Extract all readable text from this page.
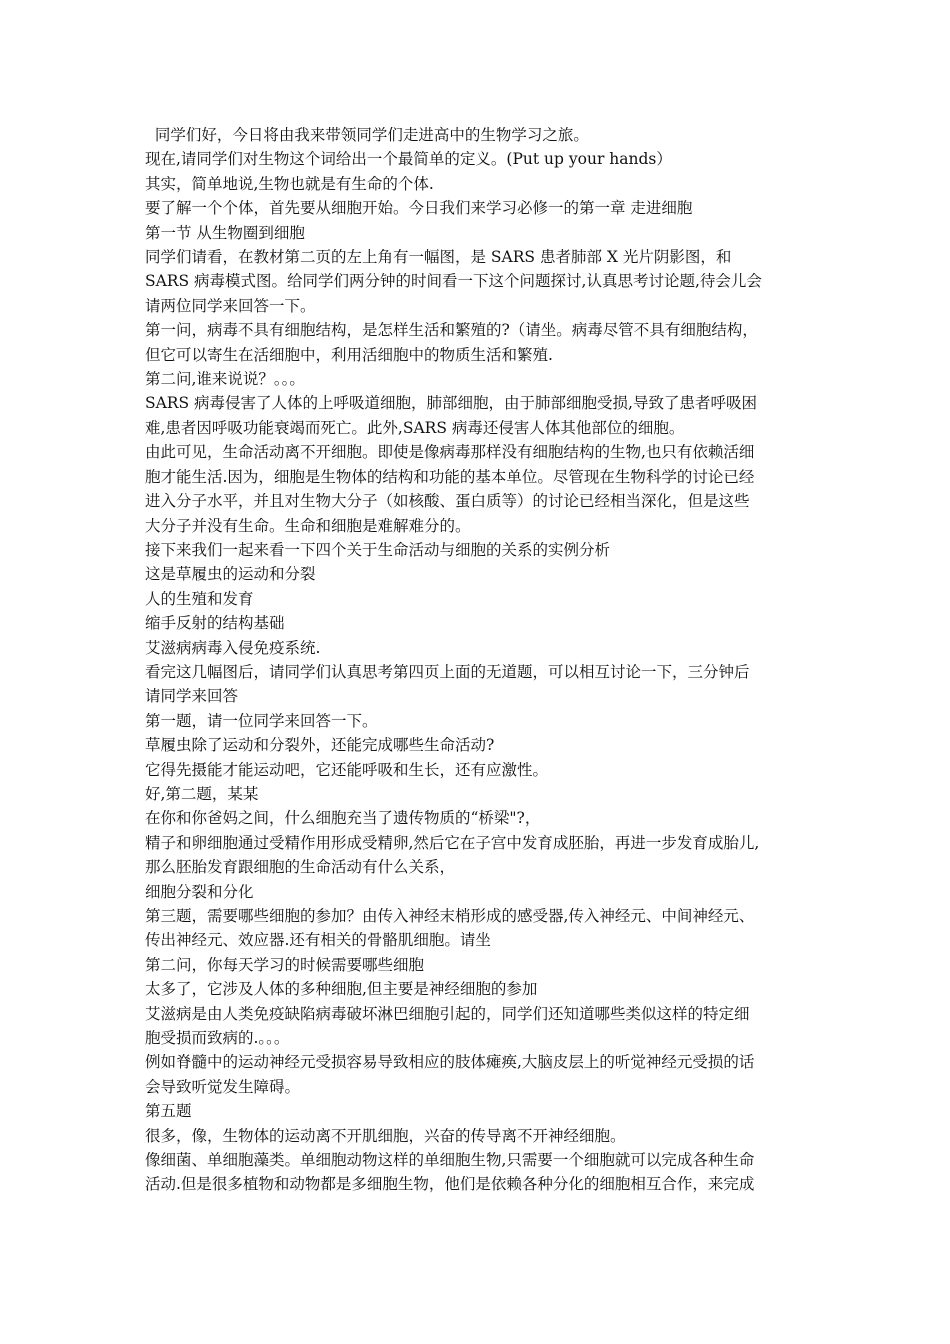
同学们好，今日将由我来带领同学们走进高中的生物学习之旅。

现在,请同学们对生物这个词给出一个最简单的定义。(Put up your hands）

其实，简单地说,生物也就是有生命的个体.

要了解一个个体，首先要从细胞开始。今日我们来学习必修一的第一章 走进细胞

第一节 从生物圈到细胞

同学们请看，在教材第二页的左上角有一幅图，是 SARS 患者肺部 X 光片阴影图，和

SARS 病毒模式图。给同学们两分钟的时间看一下这个问题探讨,认真思考讨论题,待会儿会

请两位同学来回答一下。

第一问，病毒不具有细胞结构，是怎样生活和繁殖的?（请坐。病毒尽管不具有细胞结构，

但它可以寄生在活细胞中，利用活细胞中的物质生活和繁殖.

第二问,谁来说说？。。。

SARS 病毒侵害了人体的上呼吸道细胞，肺部细胞，由于肺部细胞受损,导致了患者呼吸困

难,患者因呼吸功能衰竭而死亡。此外,SARS 病毒还侵害人体其他部位的细胞。

由此可见，生命活动离不开细胞。即使是像病毒那样没有细胞结构的生物,也只有依赖活细

胞才能生活.因为，细胞是生物体的结构和功能的基本单位。尽管现在生物科学的讨论已经

进入分子水平，并且对生物大分子（如核酸、蛋白质等）的讨论已经相当深化，但是这些

大分子并没有生命。生命和细胞是难解难分的。

接下来我们一起来看一下四个关于生命活动与细胞的关系的实例分析

这是草履虫的运动和分裂

人的生殖和发育

缩手反射的结构基础

艾滋病病毒入侵免疫系统.

看完这几幅图后，请同学们认真思考第四页上面的无道题，可以相互讨论一下，三分钟后

请同学来回答

第一题，请一位同学来回答一下。

草履虫除了运动和分裂外，还能完成哪些生命活动?

它得先摄能才能运动吧，它还能呼吸和生长，还有应激性。

好,第二题，某某

在你和你爸妈之间，什么细胞充当了遗传物质的“桥梁"?，

精子和卵细胞通过受精作用形成受精卵,然后它在子宫中发育成胚胎，再进一步发育成胎儿,

那么胚胎发育跟细胞的生命活动有什么关系，

细胞分裂和分化

第三题，需要哪些细胞的参加？由传入神经末梢形成的感受器,传入神经元、中间神经元、

传出神经元、效应器.还有相关的骨骼肌细胞。请坐

第二问，你每天学习的时候需要哪些细胞

太多了，它涉及人体的多种细胞,但主要是神经细胞的参加

艾滋病是由人类免疫缺陷病毒破坏淋巴细胞引起的，同学们还知道哪些类似这样的特定细

胞受损而致病的.。。。

例如脊髓中的运动神经元受损容易导致相应的肢体瘫痪,大脑皮层上的听觉神经元受损的话

会导致听觉发生障碍。

第五题

很多，像，生物体的运动离不开肌细胞，兴奋的传导离不开神经细胞。

像细菌、单细胞藻类。单细胞动物这样的单细胞生物,只需要一个细胞就可以完成各种生命

活动.但是很多植物和动物都是多细胞生物，他们是依赖各种分化的细胞相互合作，来完成
